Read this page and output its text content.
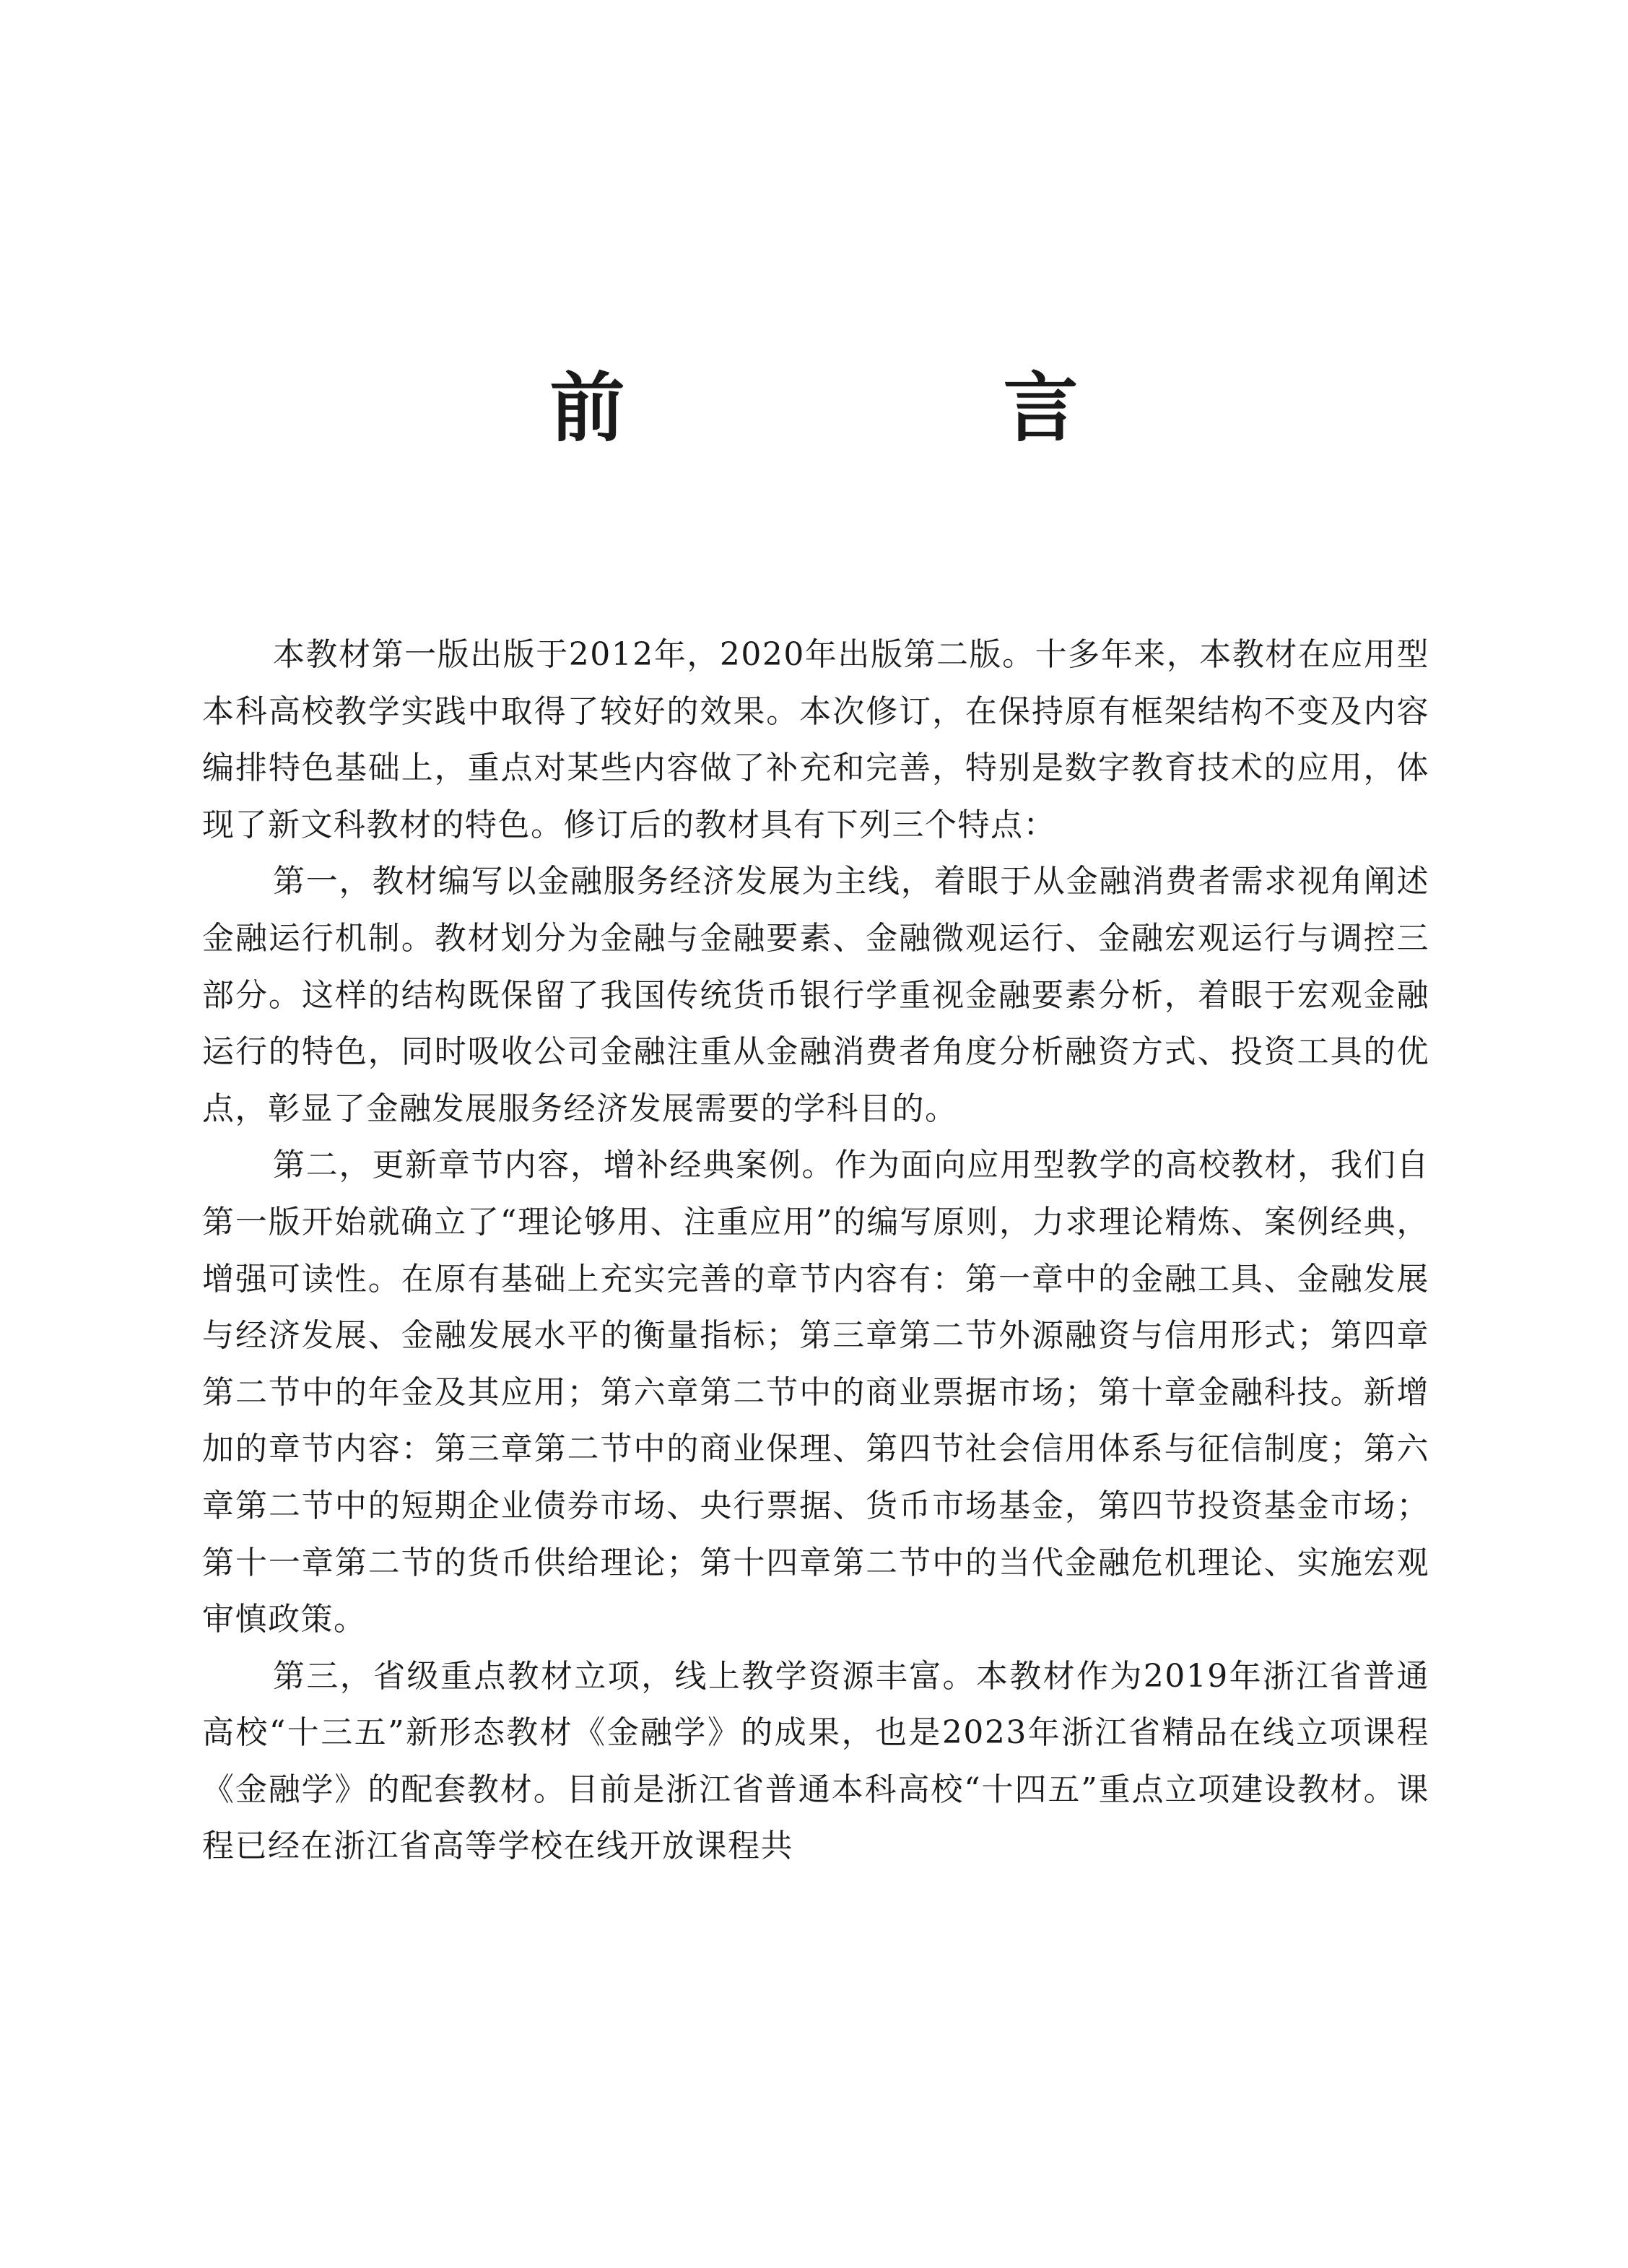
前　言

本教材第一版出版于2012年，2020年出版第二版。十多年来，本教材在应用型本科高校教学实践中取得了较好的效果。本次修订，在保持原有框架结构不变及内容编排特色基础上，重点对某些内容做了补充和完善，特别是数字教育技术的应用，体现了新文科教材的特色。修订后的教材具有下列三个特点：

第一，教材编写以金融服务经济发展为主线，着眼于从金融消费者需求视角阐述金融运行机制。教材划分为金融与金融要素、金融微观运行、金融宏观运行与调控三部分。这样的结构既保留了我国传统货币银行学重视金融要素分析，着眼于宏观金融运行的特色，同时吸收公司金融注重从金融消费者角度分析融资方式、投资工具的优点，彰显了金融发展服务经济发展需要的学科目的。

第二，更新章节内容，增补经典案例。作为面向应用型教学的高校教材，我们自第一版开始就确立了“理论够用、注重应用”的编写原则，力求理论精炼、案例经典，增强可读性。在原有基础上充实完善的章节内容有：第一章中的金融工具、金融发展与经济发展、金融发展水平的衡量指标；第三章第二节外源融资与信用形式；第四章第二节中的年金及其应用；第六章第二节中的商业票据市场；第十章金融科技。新增加的章节内容：第三章第二节中的商业保理、第四节社会信用体系与征信制度；第六章第二节中的短期企业债券市场、央行票据、货币市场基金，第四节投资基金市场；第十一章第二节的货币供给理论；第十四章第二节中的当代金融危机理论、实施宏观审慎政策。

第三，省级重点教材立项，线上教学资源丰富。本教材作为2019年浙江省普通高校“十三五”新形态教材《金融学》的成果，也是2023年浙江省精品在线立项课程《金融学》的配套教材。目前是浙江省普通本科高校“十四五”重点立项建设教材。课程已经在浙江省高等学校在线开放课程共
